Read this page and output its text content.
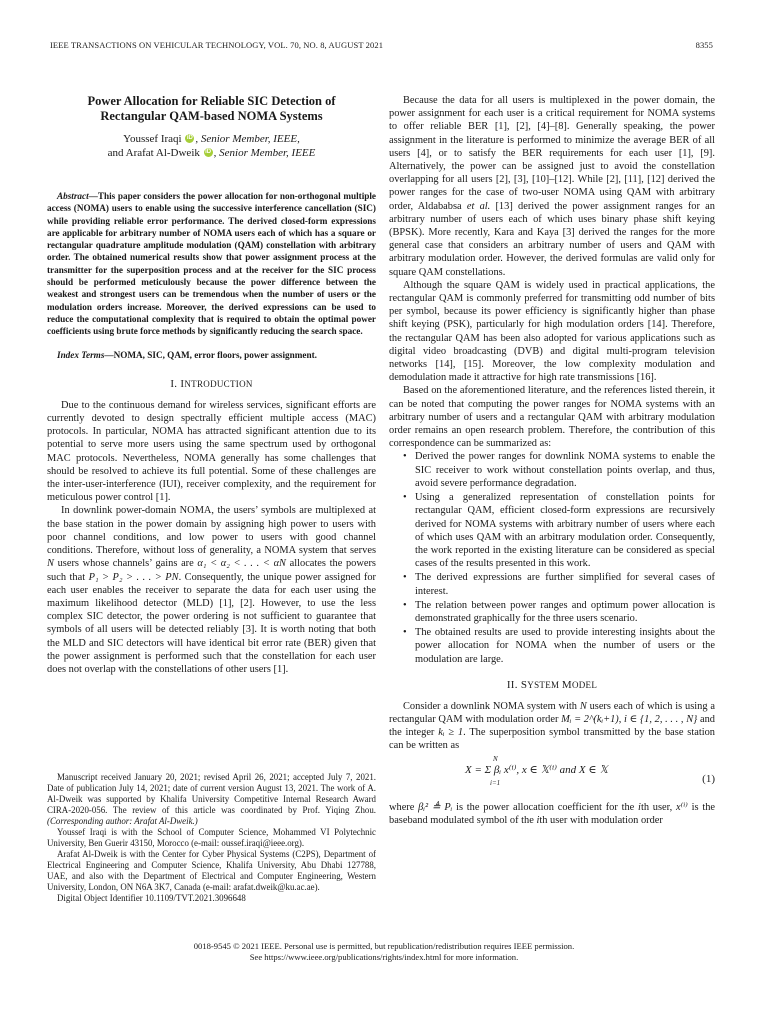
IEEE TRANSACTIONS ON VEHICULAR TECHNOLOGY, VOL. 70, NO. 8, AUGUST 2021	8355
Power Allocation for Reliable SIC Detection of
Rectangular QAM-based NOMA Systems
Youssef Iraqi iD , Senior Member, IEEE,
and Arafat Al-Dweik iD , Senior Member, IEEE

Abstract—This paper considers the power allocation for non-orthogonal multiple access (NOMA) users to enable using the successive interference cancellation (SIC) while providing reliable error performance. The derived closed-form expressions are applicable for arbitrary number of NOMA users each of which has a square or rectangular quadrature amplitude modulation (QAM) constellation with arbitrary order. The obtained numerical results show that power assignment process at the transmitter for the superposition process and at the receiver for the SIC process should be performed meticulously because the power difference between the weakest and strongest users can be tremendous when the number of users or the modulation orders increase. Moreover, the derived expressions can be used to reduce the computational complexity that is required to obtain the optimal power coefficients using brute force methods by significantly reducing the search space.

Index Terms—NOMA, SIC, QAM, error floors, power assignment.

I. INTRODUCTION

Due to the continuous demand for wireless services, significant efforts are currently devoted to design spectrally efficient multiple access (MAC) protocols. In particular, NOMA has attracted significant attention due to its potential to serve more users using the same spectrum used by orthogonal MAC protocols. Nevertheless, NOMA generally has some challenges that should be resolved to achieve its full potential. Some of these challenges are the inter-user-interference (IUI), receiver complexity, and the requirement for meticulous power control [1].

In downlink power-domain NOMA, the users’ symbols are multiplexed at the base station in the power domain by assigning high power to users with poor channel conditions, and low power to users with good channel conditions. Therefore, without loss of generality, a NOMA system that serves N users whose channels’ gains are α₁ < α₂ < . . . < αN allocates the powers such that P₁ > P₂ > . . . > PN. Consequently, the unique power assigned for each user enables the receiver to separate the data for each user using the maximum likelihood detector (MLD) [1], [2]. However, to use the less complex SIC detector, the power ordering is not sufficient to guarantee that symbols of all users will be detected reliably [3]. It is worth noting that both the MLD and SIC detectors will have identical bit error rate (BER) given that the power assignment is performed such that the constellation for each user does not overlap with the constellations of other users [1].

Manuscript received January 20, 2021; revised April 26, 2021; accepted July 7, 2021. Date of publication July 14, 2021; date of current version August 13, 2021. The work of A. Al-Dweik was supported by Khalifa University Competitive Internal Research Award CIRA-2020-056. The review of this article was coordinated by Prof. Yiqing Zhou. (Corresponding author: Arafat Al-Dweik.)

Youssef Iraqi is with the School of Computer Science, Mohammed VI Polytechnic University, Ben Guerir 43150, Morocco (e-mail: oussef.iraqi@ieee.org).

Arafat Al-Dweik is with the Center for Cyber Physical Systems (C2PS), Department of Electrical Engineering and Computer Science, Khalifa University, Abu Dhabi 127788, UAE, and also with the Department of Electrical and Computer Engineering, Western University, London, ON N6A 3K7, Canada (e-mail: arafat.dweik@ku.ac.ae).

Digital Object Identifier 10.1109/TVT.2021.3096648

Because the data for all users is multiplexed in the power domain, the power assignment for each user is a critical requirement for NOMA systems to offer reliable BER [1], [2], [4]–[8]. Generally speaking, the power assignment in the literature is performed to minimize the average BER of all users [4], or to satisfy the BER requirements for each user [1], [9]. Alternatively, the power can be assigned just to avoid the constellation overlapping for all users [2], [3], [10]–[12]. While [2], [11], [12] derived the power ranges for the case of two-user NOMA using QAM with arbitrary order, Aldababsa et al. [13] derived the power assignment ranges for an arbitrary number of users each of which uses binary phase shift keying (BPSK). More recently, Kara and Kaya [3] derived the ranges for the more general case that considers an arbitrary number of users and QAM with arbitrary modulation order. However, the derived formulas are valid only for square QAM constellations.

Although the square QAM is widely used in practical applications, the rectangular QAM is commonly preferred for transmitting odd number of bits per symbol, because its power efficiency is significantly higher than phase shift keying (PSK), particularly for high modulation orders [14]. Therefore, the rectangular QAM has been also adopted for various applications such as digital video broadcasting (DVB) and digital multi-program television networks [14], [15]. Moreover, the low complexity modulation and demodulation made it attractive for high rate transmissions [16].

Based on the aforementioned literature, and the references listed therein, it can be noted that computing the power ranges for NOMA systems with an arbitrary number of users and a rectangular QAM with arbitrary modulation order remains an open research problem. Therefore, the contribution of this correspondence can be summarized as:

• Derived the power ranges for downlink NOMA systems to enable the SIC receiver to work without constellation points overlap, and thus, avoid severe performance degradation.
• Using a generalized representation of constellation points for rectangular QAM, efficient closed-form expressions are recursively derived for NOMA systems with arbitrary number of users where each of which uses QAM with an arbitrary modulation order. Consequently, the work reported in the existing literature can be considered as special cases of the results presented in this work.
• The derived expressions are further simplified for several cases of interest.
• The relation between power ranges and optimum power allocation is demonstrated graphically for the three users scenario.
• The obtained results are used to provide interesting insights about the power allocation for NOMA when the number of users or the modulation are large.
II. SYSTEM MODEL

Consider a downlink NOMA system with N users each of which is using a rectangular QAM with modulation order Mᵢ = 2^(kᵢ+1), i ∈ {1, 2, . . . , N} and the integer kᵢ ≥ 1. The superposition symbol transmitted by the base station can be written as

X = Σ βᵢ x⁽ⁱ⁾, x ∈ 𝕏⁽ⁱ⁾ and X ∈ 𝕏
N
i=1	(1)

where βᵢ² ≜ Pᵢ is the power allocation coefficient for the ith user, x⁽ⁱ⁾ is the baseband modulated symbol of the ith user with modulation order

0018-9545 © 2021 IEEE. Personal use is permitted, but republication/redistribution requires IEEE permission.
See https://www.ieee.org/publications/rights/index.html for more information.
